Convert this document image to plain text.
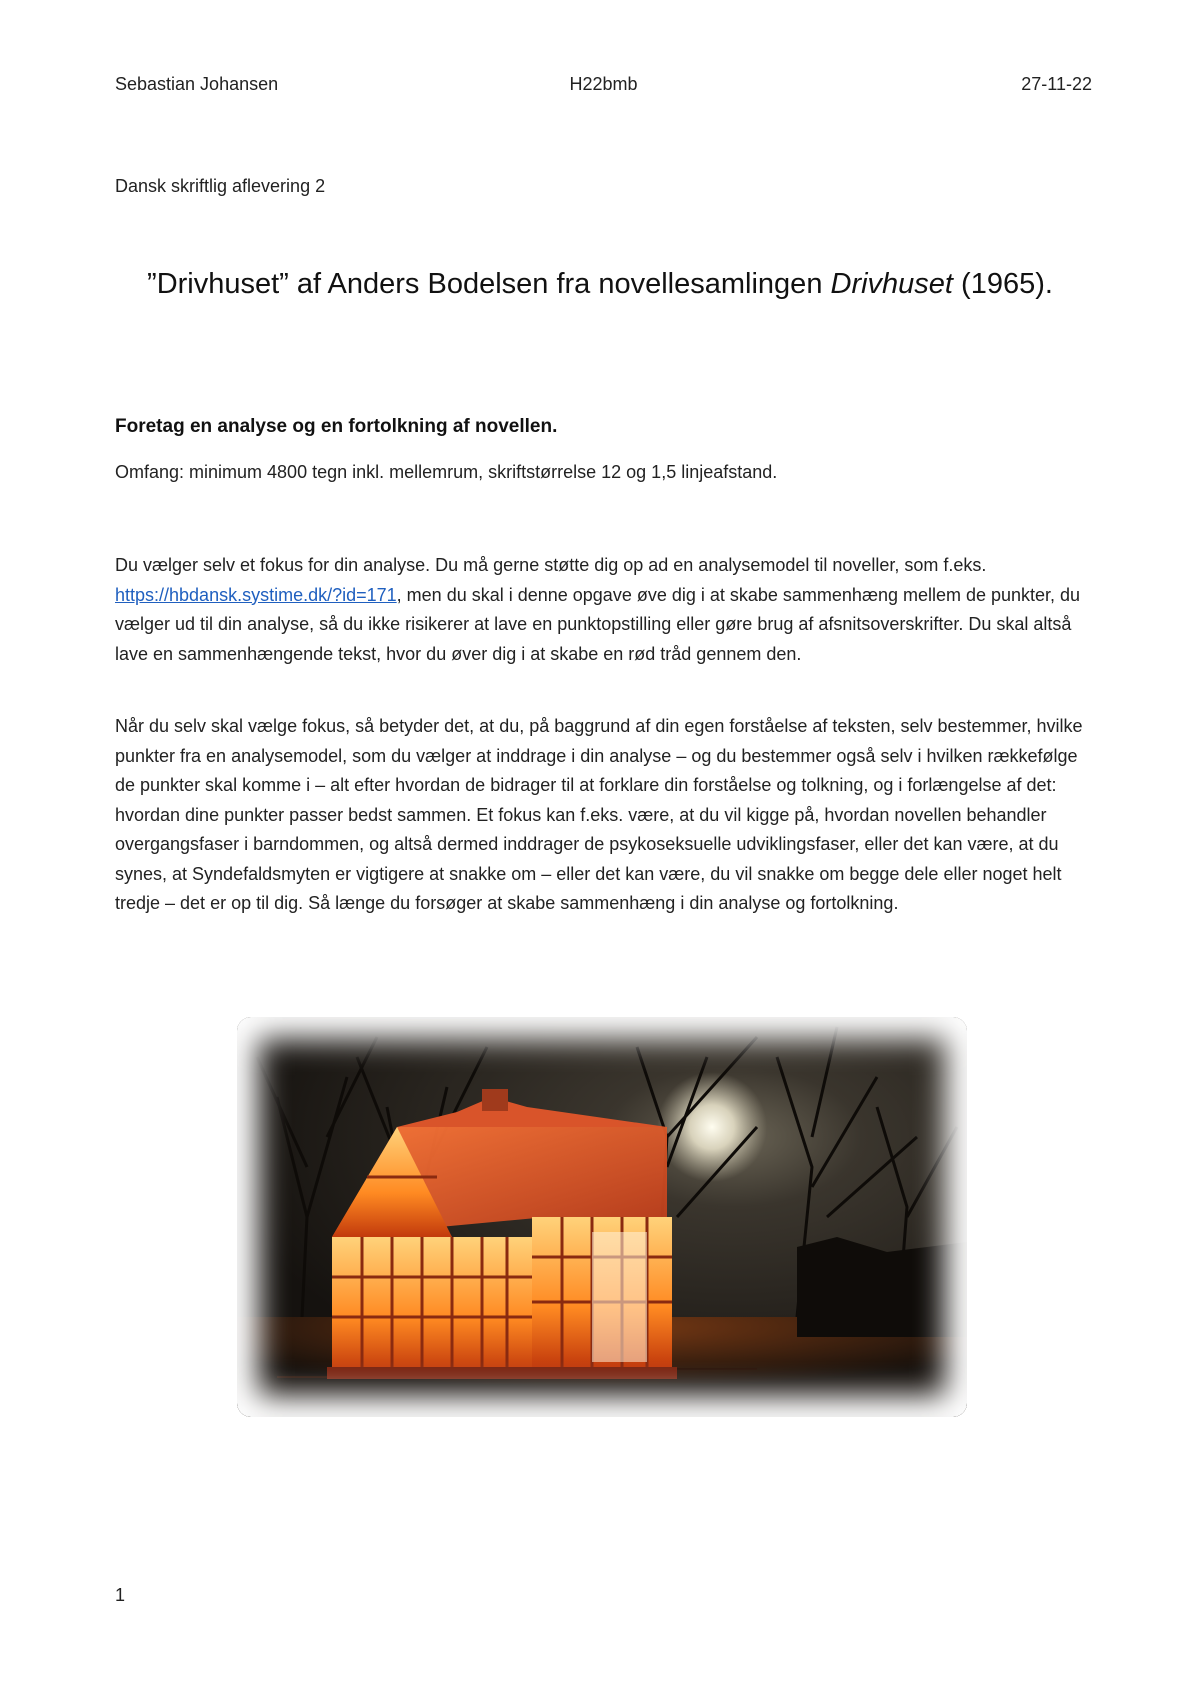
Sebastian Johansen	H22bmb	27-11-22
Dansk skriftlig aflevering 2
”Drivhuset” af Anders Bodelsen fra novellesamlingen Drivhuset (1965).
Foretag en analyse og en fortolkning af novellen.
Omfang: minimum 4800 tegn inkl. mellemrum, skriftstørrelse 12 og 1,5 linjeafstand.

Du vælger selv et fokus for din analyse. Du må gerne støtte dig op ad en analysemodel til noveller, som f.eks. https://hbdansk.systime.dk/?id=171, men du skal i denne opgave øve dig i at skabe sammenhæng mellem de punkter, du vælger ud til din analyse, så du ikke risikerer at lave en punktopstilling eller gøre brug af afsnitsoverskrifter. Du skal altså lave en sammenhængende tekst, hvor du øver dig i at skabe en rød tråd gennem den.

Når du selv skal vælge fokus, så betyder det, at du, på baggrund af din egen forståelse af teksten, selv bestemmer, hvilke punkter fra en analysemodel, som du vælger at inddrage i din analyse – og du bestemmer også selv i hvilken rækkefølge de punkter skal komme i – alt efter hvordan de bidrager til at forklare din forståelse og tolkning, og i forlængelse af det: hvordan dine punkter passer bedst sammen. Et fokus kan f.eks. være, at du vil kigge på, hvordan novellen behandler overgangsfaser i barndommen, og altså dermed inddrager de psykoseksuelle udviklingsfaser, eller det kan være, at du synes, at Syndefaldsmyten er vigtigere at snakke om – eller det kan være, du vil snakke om begge dele eller noget helt tredje – det er op til dig. Så længe du forsøger at skabe sammenhæng i din analyse og fortolkning.

1
